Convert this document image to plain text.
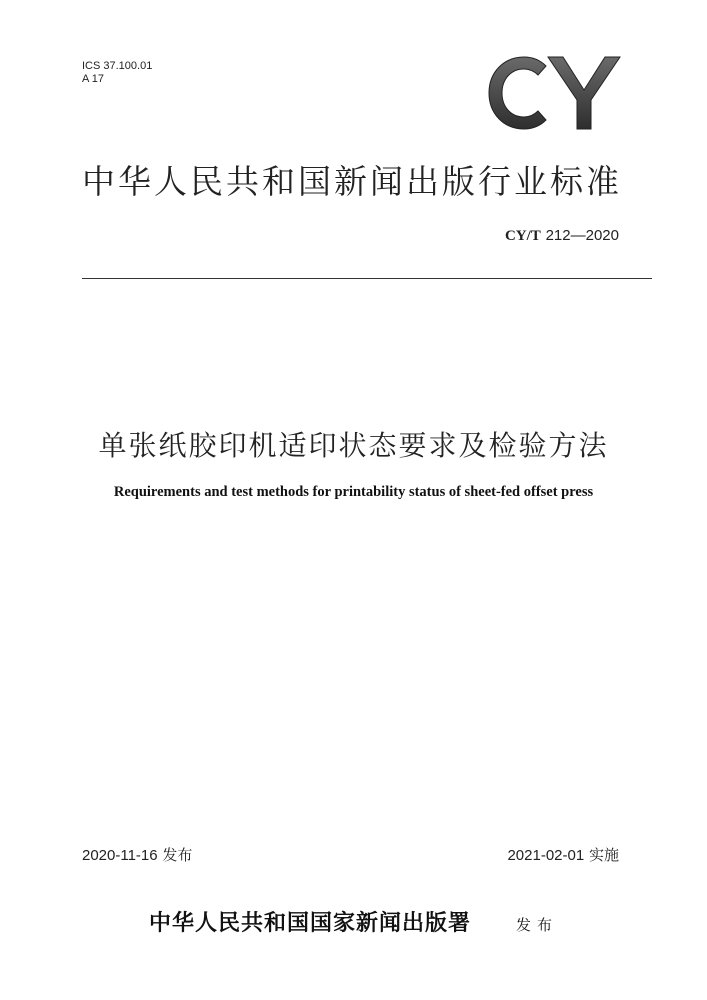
ICS 37.100.01
A 17
中华人民共和国新闻出版行业标准
CY/T 212—2020
单张纸胶印机适印状态要求及检验方法
Requirements and test methods for printability status of sheet-fed offset press
2020-11-16 发布	2021-02-01 实施
中华人民共和国国家新闻出版署	发布
